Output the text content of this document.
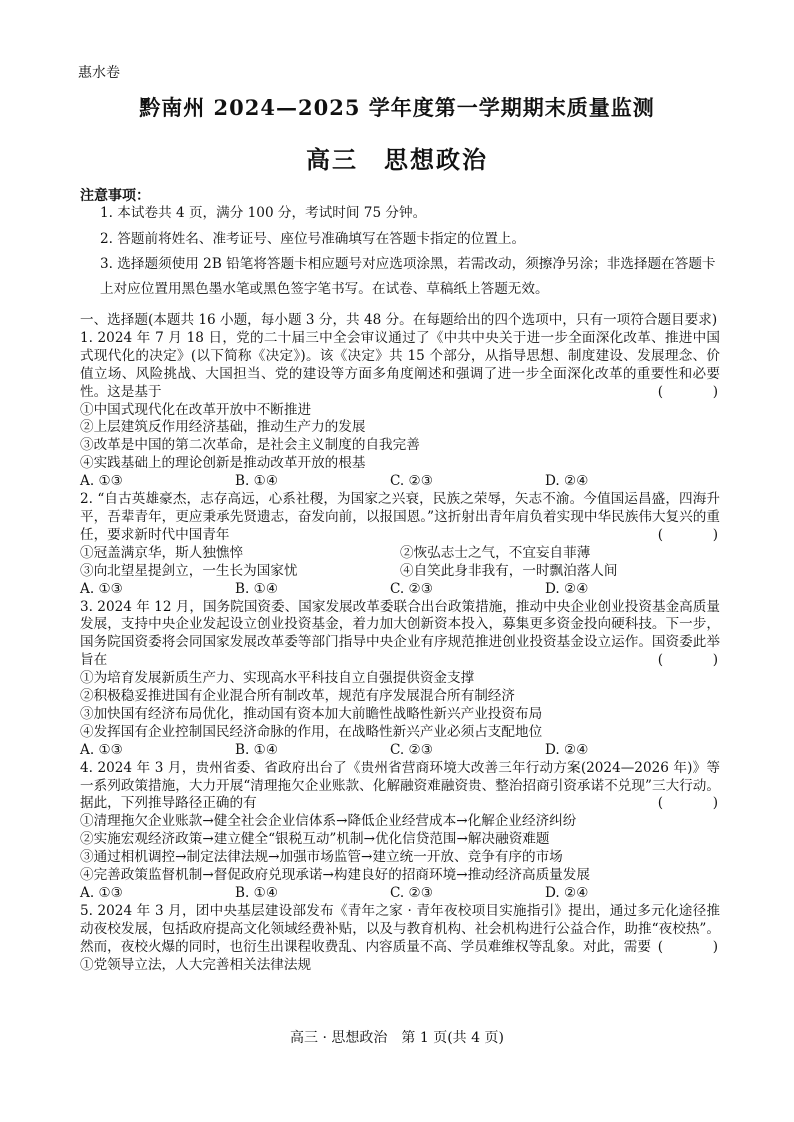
惠水卷
黔南州 2024—2025 学年度第一学期期末质量监测
高三　思想政治
注意事项：
1. 本试卷共 4 页，满分 100 分，考试时间 75 分钟。
2. 答题前将姓名、准考证号、座位号准确填写在答题卡指定的位置上。
3. 选择题须使用 2B 铅笔将答题卡相应题号对应选项涂黑，若需改动，须擦净另涂；非选择题在答题卡上对应位置用黑色墨水笔或黑色签字笔书写。在试卷、草稿纸上答题无效。

一、选择题(本题共 16 小题，每小题 3 分，共 48 分。在每题给出的四个选项中，只有一项符合题目要求)

1. 2024 年 7 月 18 日，党的二十届三中全会审议通过了《中共中央关于进一步全面深化改革、推进中国式现代化的决定》(以下简称《决定》)。该《决定》共 15 个部分，从指导思想、制度建设、发展理念、价值立场、风险挑战、大国担当、党的建设等方面多角度阐述和强调了进一步全面深化改革的重要性和必要性。这是基于	(　)

①中国式现代化在改革开放中不断推进

②上层建筑反作用经济基础，推动生产力的发展

③改革是中国的第二次革命，是社会主义制度的自我完善

④实践基础上的理论创新是推动改革开放的根基

A. ①③	B. ①④	C. ②③	D. ②④

2. “自古英雄豪杰，志存高远，心系社稷，为国家之兴衰，民族之荣辱，矢志不渝。今值国运昌盛，四海升平，吾辈青年，更应秉承先贤遗志，奋发向前，以报国恩。”这折射出青年肩负着实现中华民族伟大复兴的重任，要求新时代中国青年	(　)

①冠盖满京华，斯人独憔悴	②恢弘志士之气，不宜妄自菲薄
③向北望星提剑立，一生长为国家忧	④自笑此身非我有，一时飘泊落人间
A. ①③	B. ①④	C. ②③	D. ②④

3. 2024 年 12 月，国务院国资委、国家发展改革委联合出台政策措施，推动中央企业创业投资基金高质量发展，支持中央企业发起设立创业投资基金，着力加大创新资本投入，募集更多资金投向硬科技。下一步，国务院国资委将会同国家发展改革委等部门指导中央企业有序规范推进创业投资基金设立运作。国资委此举旨在	(　)

①为培育发展新质生产力、实现高水平科技自立自强提供资金支撑

②积极稳妥推进国有企业混合所有制改革，规范有序发展混合所有制经济

③加快国有经济布局优化，推动国有资本加大前瞻性战略性新兴产业投资布局

④发挥国有企业控制国民经济命脉的作用，在战略性新兴产业必须占支配地位

A. ①③	B. ①④	C. ②③	D. ②④

4. 2024 年 3 月，贵州省委、省政府出台了《贵州省营商环境大改善三年行动方案(2024—2026 年)》等一系列政策措施，大力开展“清理拖欠企业账款、化解融资难融资贵、整治招商引资承诺不兑现”三大行动。据此，下列推导路径正确的有	(　)

①清理拖欠企业账款→健全社会企业信体系→降低企业经营成本→化解企业经济纠纷

②实施宏观经济政策→建立健全“银税互动”机制→优化信贷范围→解决融资难题

③通过相机调控→制定法律法规→加强市场监管→建立统一开放、竞争有序的市场

④完善政策监督机制→督促政府兑现承诺→构建良好的招商环境→推动经济高质量发展

A. ①③	B. ①④	C. ②③	D. ②④

5. 2024 年 3 月，团中央基层建设部发布《青年之家 · 青年夜校项目实施指引》提出，通过多元化途径推动夜校发展，包括政府提高文化领域经费补贴，以及与教育机构、社会机构进行公益合作，助推“夜校热”。然而，夜校火爆的同时，也衍生出课程收费乱、内容质量不高、学员难维权等乱象。对此，需要 (　)

①党领导立法，人大完善相关法律法规

高三 · 思想政治　第 1 页(共 4 页)
